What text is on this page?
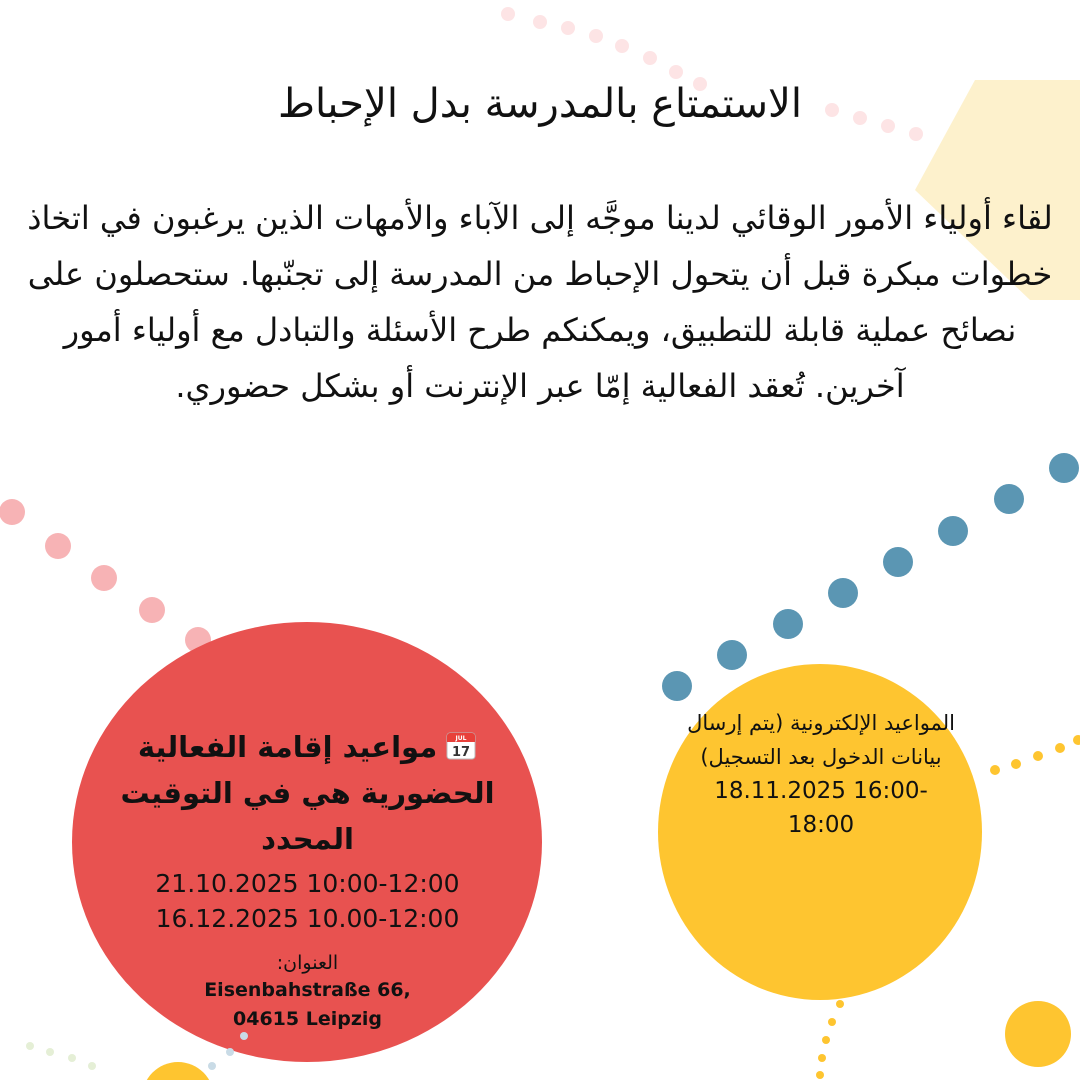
الاستمتاع بالمدرسة بدل الإحباط
لقاء أولياء الأمور الوقائي لدينا موجَّه إلى الآباء والأمهات الذين يرغبون في اتخاذ خطوات مبكرة قبل أن يتحول الإحباط من المدرسة إلى تجنّبها. ستحصلون على نصائح عملية قابلة للتطبيق، ويمكنكم طرح الأسئلة والتبادل مع أولياء أمور آخرين. تُعقد الفعالية إمّا عبر الإنترنت أو بشكل حضوري.
JUL
17
مواعيد إقامة الفعالية الحضورية هي في التوقيت المحدد
21.10.2025 10:00-12:00
16.12.2025 10.00-12:00
العنوان:
Eisenbahstraße 66,
04615 Leipzig
المواعيد الإلكترونية (يتم إرسال بيانات الدخول بعد التسجيل)
18.11.2025 16:00-18:00
